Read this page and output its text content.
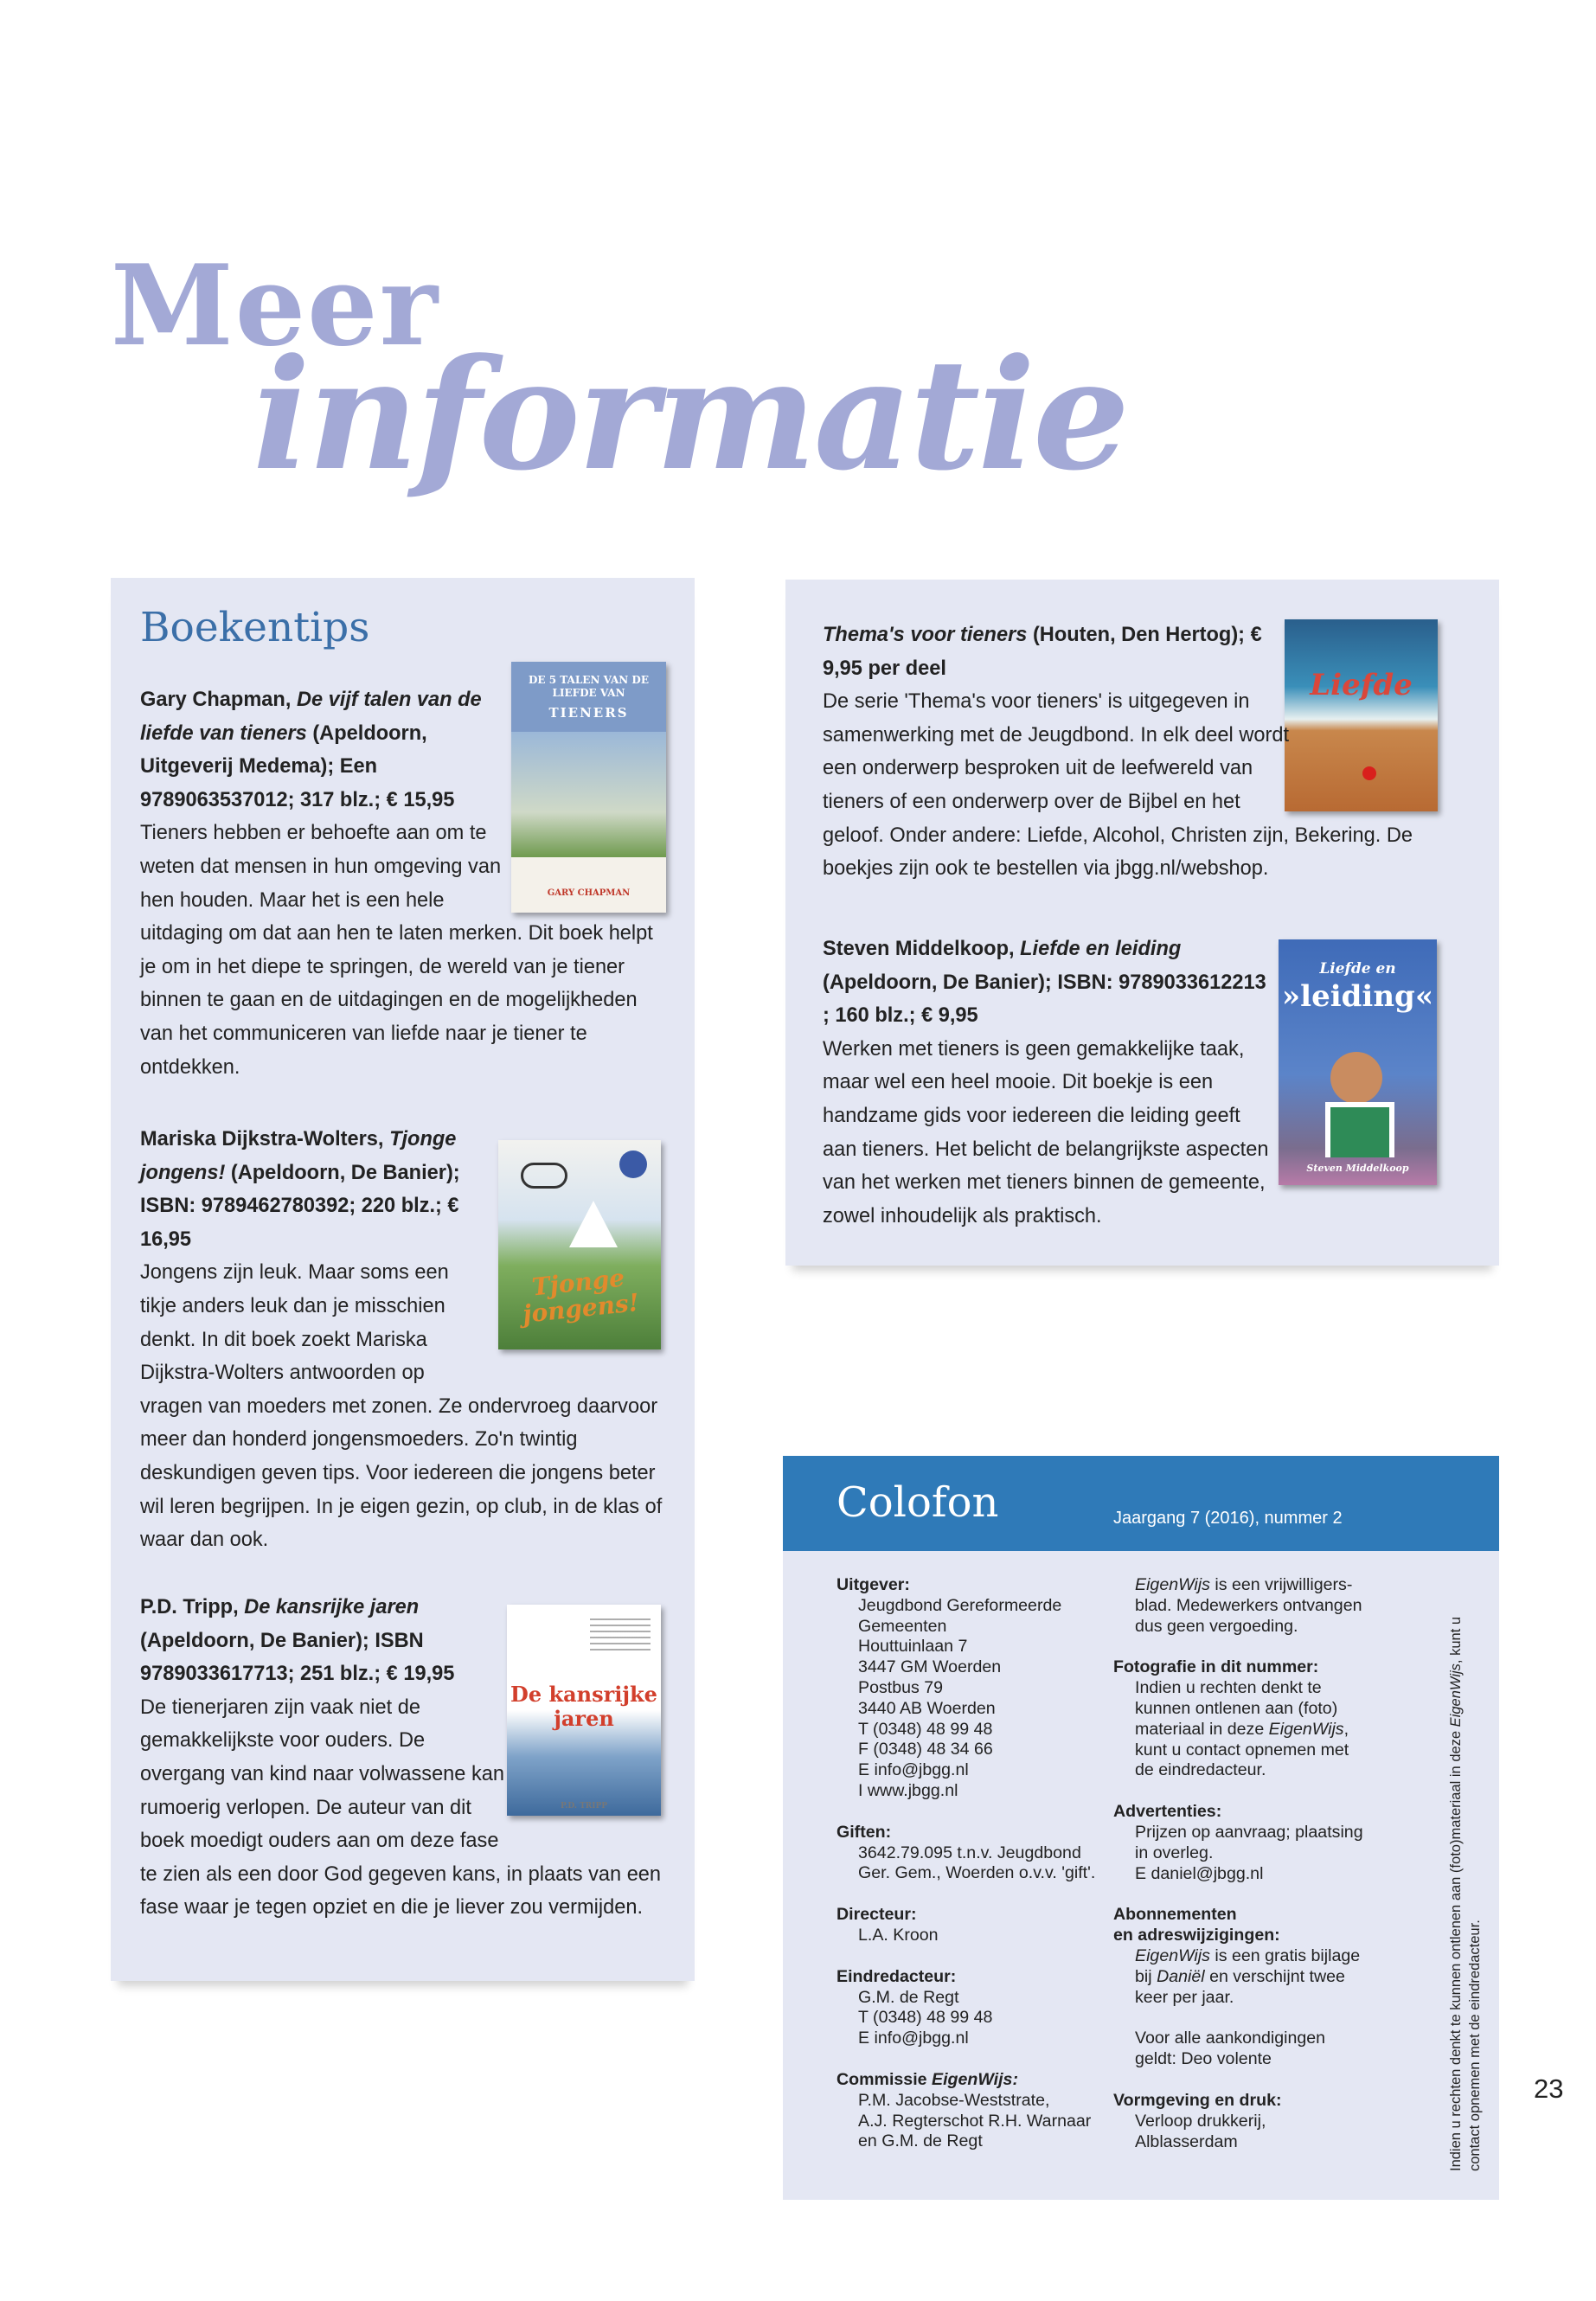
Meer
informatie
Boekentips
DE 5 TALEN VAN DE LIEFDE VAN
TIENERS
GARY CHAPMAN
Gary Chapman, De vijf talen van de liefde van tieners (Apeldoorn, Uitgeverij Medema); Een 9789063537012; 317 blz.; € 15,95
Tieners hebben er behoefte aan om te weten dat mensen in hun omgeving van hen houden. Maar het is een hele uitdaging om dat aan hen te laten merken. Dit boek helpt je om in het diepe te springen, de wereld van je tiener binnen te gaan en de uitdagingen en de mogelijkheden van het communiceren van liefde naar je tiener te ontdekken.
Tjonge jongens!
Mariska Dijkstra-Wolters, Tjonge jongens! (Apeldoorn, De Banier); ISBN: 9789462780392; 220 blz.; € 16,95
Jongens zijn leuk. Maar soms een tikje anders leuk dan je misschien denkt. In dit boek zoekt Mariska Dijkstra-Wolters antwoorden op vragen van moeders met zonen. Ze ondervroeg daarvoor meer dan honderd jongensmoeders. Zo'n twintig deskundigen geven tips. Voor iedereen die jongens beter wil leren begrijpen. In je eigen gezin, op club, in de klas of waar dan ook.
De kansrijke jaren
P.D. TRIPP
P.D. Tripp, De kansrijke jaren (Apeldoorn, De Banier); ISBN 9789033617713; 251 blz.; € 19,95
De tienerjaren zijn vaak niet de gemakkelijkste voor ouders. De overgang van kind naar volwassene kan rumoerig verlopen. De auteur van dit boek moedigt ouders aan om deze fase te zien als een door God gegeven kans, in plaats van een fase waar je tegen opziet en die je liever zou vermijden.
Liefde
Thema's voor tieners (Houten, Den Hertog); € 9,95 per deel
De serie 'Thema's voor tieners' is uitgegeven in samenwerking met de Jeugdbond. In elk deel wordt een onderwerp besproken uit de leefwereld van tieners of een onderwerp over de Bijbel en het geloof. Onder andere: Liefde, Alcohol, Christen zijn, Bekering. De boekjes zijn ook te bestellen via jbgg.nl/webshop.
Liefde en
»leiding«
Steven Middelkoop
Steven Middelkoop, Liefde en leiding (Apeldoorn, De Banier); ISBN: 9789033612213 ; 160 blz.; € 9,95
Werken met tieners is geen gemakkelijke taak, maar wel een heel mooie. Dit boekje is een handzame gids voor iedereen die leiding geeft aan tieners. Het belicht de belangrijkste aspecten van het werken met tieners binnen de gemeente, zowel inhoudelijk als praktisch.
Colofon	Jaargang 7 (2016), nummer 2
Uitgever:
Jeugdbond Gereformeerde
Gemeenten
Houttuinlaan 7
3447 GM Woerden
Postbus 79
3440 AB Woerden
T (0348) 48 99 48
F (0348) 48 34 66
E info@jbgg.nl
I www.jbgg.nl
Giften:
3642.79.095 t.n.v. Jeugdbond
Ger. Gem., Woerden o.v.v. 'gift'.
Directeur:
L.A. Kroon
Eindredacteur:
G.M. de Regt
T (0348) 48 99 48
E info@jbgg.nl
Commissie EigenWijs:
P.M. Jacobse-Weststrate,
A.J. Regterschot R.H. Warnaar
en G.M. de Regt
EigenWijs is een vrijwilligers-
blad. Medewerkers ontvangen
dus geen vergoeding.
Fotografie in dit nummer:
Indien u rechten denkt te
kunnen ontlenen aan (foto)
materiaal in deze EigenWijs,
kunt u contact opnemen met
de eindredacteur.
Advertenties:
Prijzen op aanvraag; plaatsing
in overleg.
E daniel@jbgg.nl
Abonnementen
en adreswijzigingen:
EigenWijs is een gratis bijlage
bij Daniël en verschijnt twee
keer per jaar.
Voor alle aankondigingen
geldt: Deo volente
Vormgeving en druk:
Verloop drukkerij,
Alblasserdam	Indien u rechten denkt te kunnen ontlenen aan (foto)materiaal in deze EigenWijs, kunt u
contact opnemen met de eindredacteur. 23
